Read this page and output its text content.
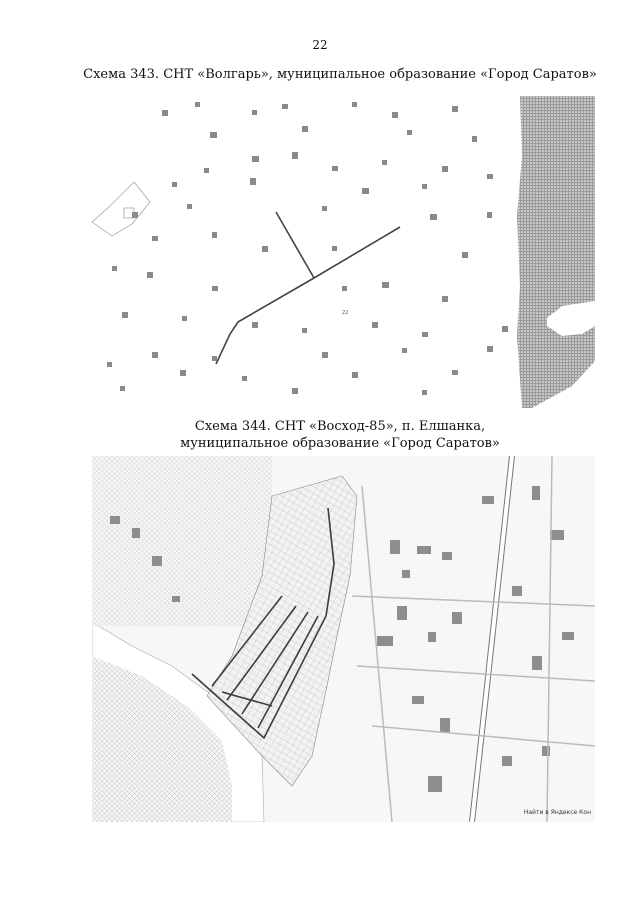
22
Схема 343. СНТ «Волгарь», муниципальное образование «Город Саратов»
22
Схема 344. СНТ «Восход-85», п. Елшанка,
муниципальное образование «Город Саратов»
Найти в Яндексе Кон
